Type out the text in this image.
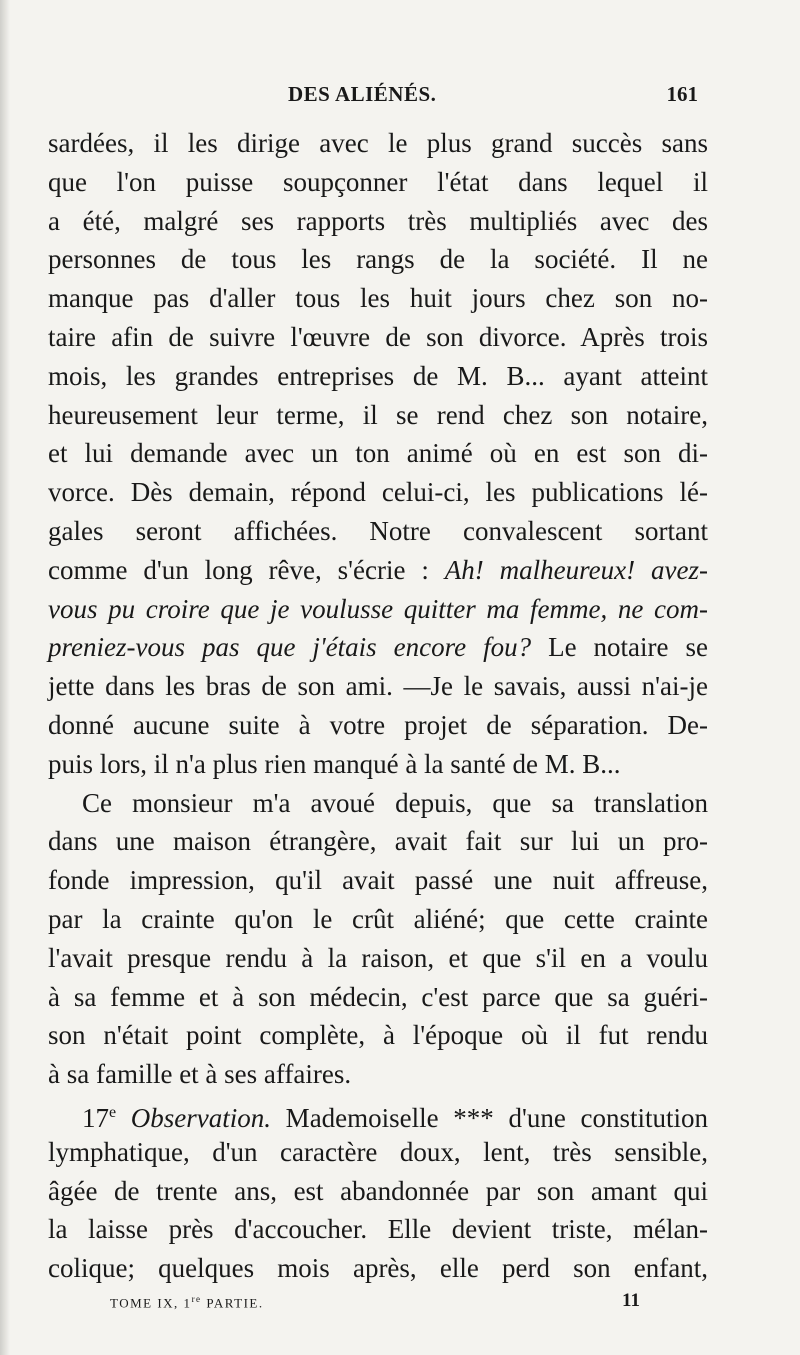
DES ALIÉNÉS.	161
sardées, il les dirige avec le plus grand succès sans
que l'on puisse soupçonner l'état dans lequel il
a été, malgré ses rapports très multipliés avec des
personnes de tous les rangs de la société. Il ne
manque pas d'aller tous les huit jours chez son no-
taire afin de suivre l'œuvre de son divorce. Après trois
mois, les grandes entreprises de M. B... ayant atteint
heureusement leur terme, il se rend chez son notaire,
et lui demande avec un ton animé où en est son di-
vorce. Dès demain, répond celui-ci, les publications lé-
gales seront affichées. Notre convalescent sortant
comme d'un long rêve, s'écrie : Ah! malheureux! avez-
vous pu croire que je voulusse quitter ma femme, ne com-
preniez-vous pas que j'étais encore fou? Le notaire se
jette dans les bras de son ami. —Je le savais, aussi n'ai-je
donné aucune suite à votre projet de séparation. De-
puis lors, il n'a plus rien manqué à la santé de M. B...
Ce monsieur m'a avoué depuis, que sa translation
dans une maison étrangère, avait fait sur lui un pro-
fonde impression, qu'il avait passé une nuit affreuse,
par la crainte qu'on le crût aliéné; que cette crainte
l'avait presque rendu à la raison, et que s'il en a voulu
à sa femme et à son médecin, c'est parce que sa guéri-
son n'était point complète, à l'époque où il fut rendu
à sa famille et à ses affaires.
17e Observation. Mademoiselle *** d'une constitution
lymphatique, d'un caractère doux, lent, très sensible,
âgée de trente ans, est abandonnée par son amant qui
la laisse près d'accoucher. Elle devient triste, mélan-
colique; quelques mois après, elle perd son enfant,
TOME IX, 1re PARTIE.	11
